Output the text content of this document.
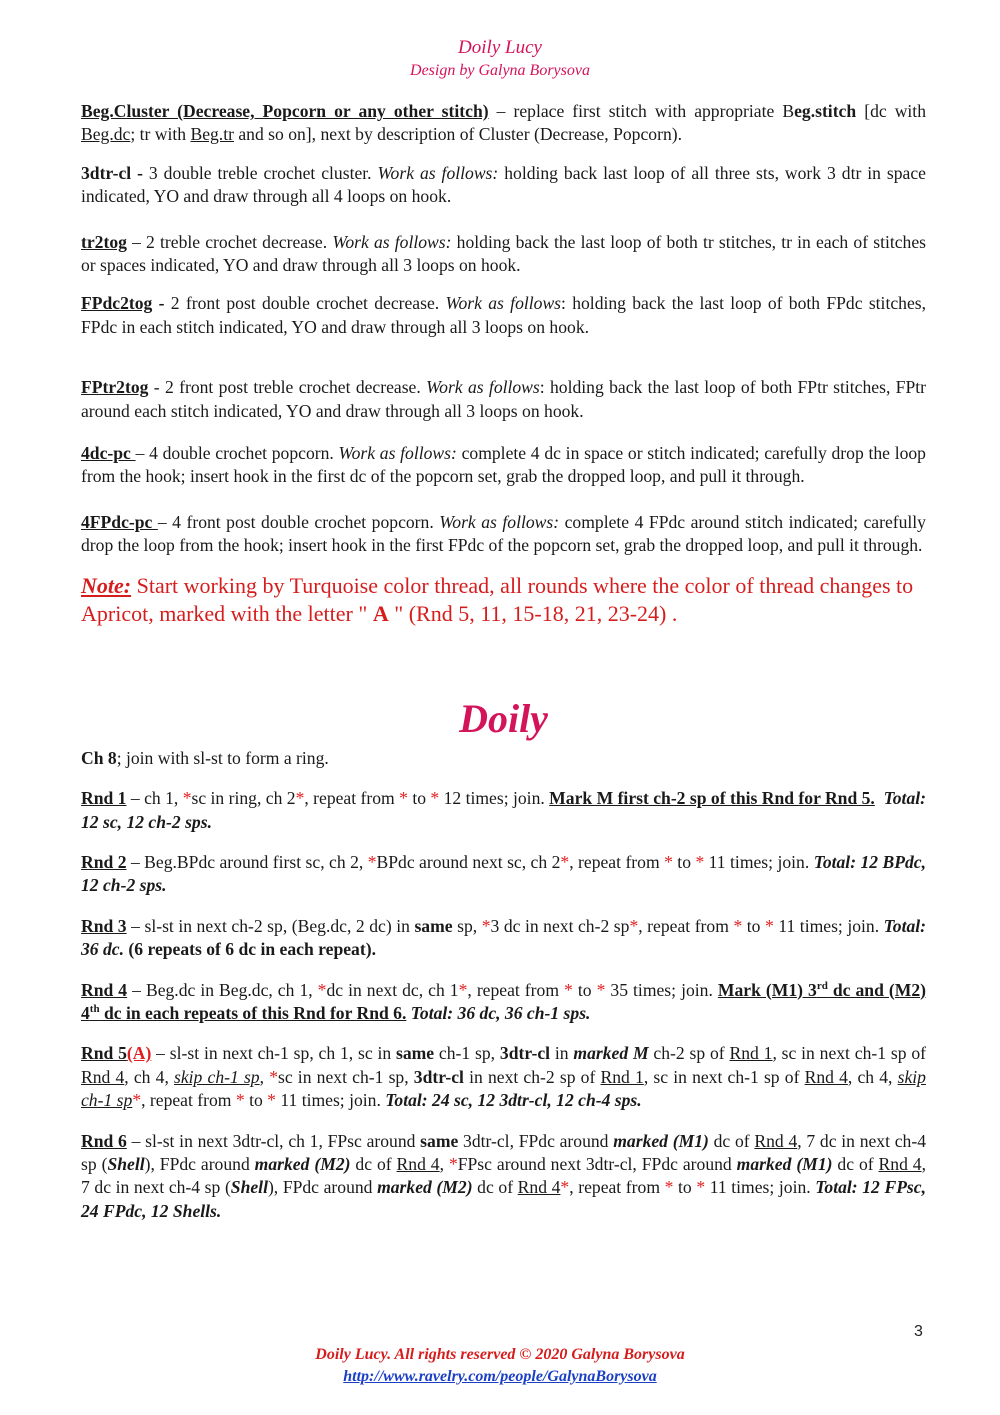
Doily Lucy
Design by Galyna Borysova

Beg.Cluster (Decrease, Popcorn or any other stitch) – replace first stitch with appropriate Beg.stitch [dc with Beg.dc; tr with Beg.tr and so on], next by description of Cluster (Decrease, Popcorn).

3dtr-cl - 3 double treble crochet cluster. Work as follows: holding back last loop of all three sts, work 3 dtr in space indicated, YO and draw through all 4 loops on hook.

tr2tog – 2 treble crochet decrease. Work as follows: holding back the last loop of both tr stitches, tr in each of stitches or spaces indicated, YO and draw through all 3 loops on hook.

FPdc2tog - 2 front post double crochet decrease. Work as follows: holding back the last loop of both FPdc stitches, FPdc in each stitch indicated, YO and draw through all 3 loops on hook.

FPtr2tog - 2 front post treble crochet decrease. Work as follows: holding back the last loop of both FPtr stitches, FPtr around each stitch indicated, YO and draw through all 3 loops on hook.

4dc-pc – 4 double crochet popcorn. Work as follows: complete 4 dc in space or stitch indicated; carefully drop the loop from the hook; insert hook in the first dc of the popcorn set, grab the dropped loop, and pull it through.

4FPdc-pc – 4 front post double crochet popcorn. Work as follows: complete 4 FPdc around stitch indicated; carefully drop the loop from the hook; insert hook in the first FPdc of the popcorn set, grab the dropped loop, and pull it through.

Note: Start working by Turquoise color thread, all rounds where the color of thread changes to Apricot, marked with the letter " A " (Rnd 5, 11, 15-18, 21, 23-24) .

Doily

Ch 8; join with sl-st to form a ring.

Rnd 1 – ch 1, *sc in ring, ch 2*, repeat from * to * 12 times; join. Mark M first ch-2 sp of this Rnd for Rnd 5. Total: 12 sc, 12 ch-2 sps.

Rnd 2 – Beg.BPdc around first sc, ch 2, *BPdc around next sc, ch 2*, repeat from * to * 11 times; join. Total: 12 BPdc, 12 ch-2 sps.

Rnd 3 – sl-st in next ch-2 sp, (Beg.dc, 2 dc) in same sp, *3 dc in next ch-2 sp*, repeat from * to * 11 times; join. Total: 36 dc. (6 repeats of 6 dc in each repeat).

Rnd 4 – Beg.dc in Beg.dc, ch 1, *dc in next dc, ch 1*, repeat from * to * 35 times; join. Mark (M1) 3rd dc and (M2) 4th dc in each repeats of this Rnd for Rnd 6. Total: 36 dc, 36 ch-1 sps.

Rnd 5(A) – sl-st in next ch-1 sp, ch 1, sc in same ch-1 sp, 3dtr-cl in marked M ch-2 sp of Rnd 1, sc in next ch-1 sp of Rnd 4, ch 4, skip ch-1 sp, *sc in next ch-1 sp, 3dtr-cl in next ch-2 sp of Rnd 1, sc in next ch-1 sp of Rnd 4, ch 4, skip ch-1 sp*, repeat from * to * 11 times; join. Total: 24 sc, 12 3dtr-cl, 12 ch-4 sps.

Rnd 6 – sl-st in next 3dtr-cl, ch 1, FPsc around same 3dtr-cl, FPdc around marked (M1) dc of Rnd 4, 7 dc in next ch-4 sp (Shell), FPdc around marked (M2) dc of Rnd 4, *FPsc around next 3dtr-cl, FPdc around marked (M1) dc of Rnd 4, 7 dc in next ch-4 sp (Shell), FPdc around marked (M2) dc of Rnd 4*, repeat from * to * 11 times; join. Total: 12 FPsc, 24 FPdc, 12 Shells.

3
Doily Lucy. All rights reserved © 2020 Galyna Borysova
http://www.ravelry.com/people/GalynaBorysova
